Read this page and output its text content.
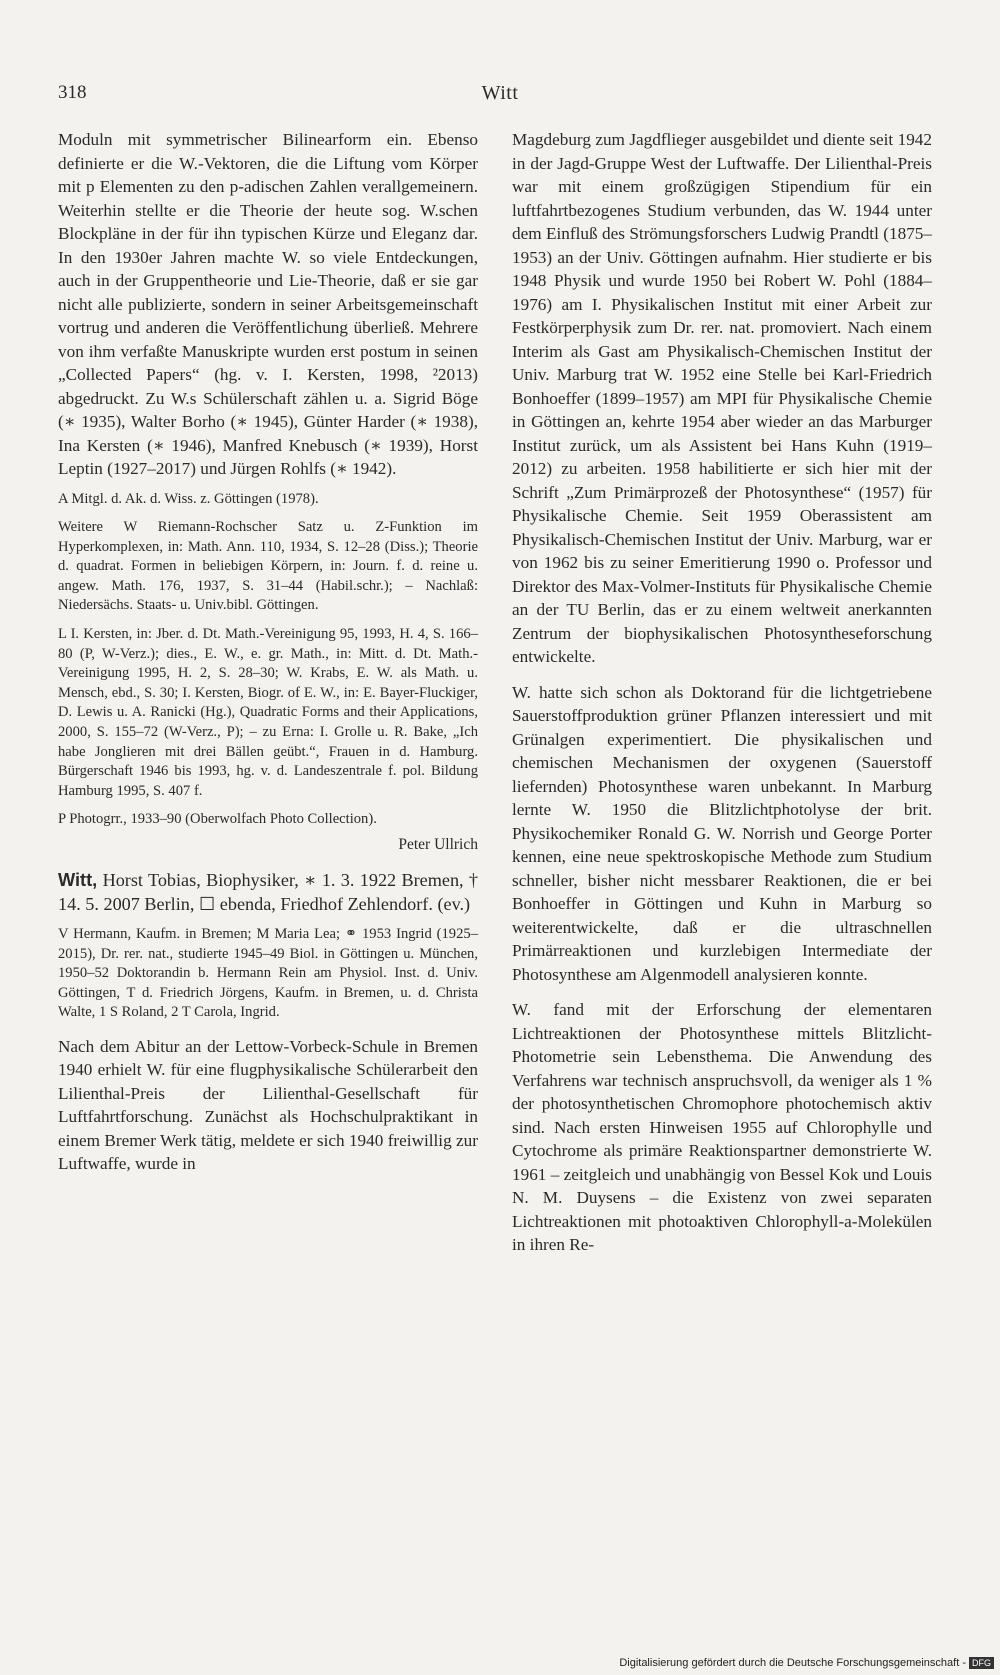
318	Witt

Moduln mit symmetrischer Bilinearform ein. Ebenso definierte er die W.-Vektoren, die die Liftung vom Körper mit p Elementen zu den p-adischen Zahlen verallgemeinern. Weiterhin stellte er die Theorie der heute sog. W.schen Blockpläne in der für ihn typischen Kürze und Eleganz dar. In den 1930er Jahren machte W. so viele Entdeckungen, auch in der Gruppentheorie und Lie-Theorie, daß er sie gar nicht alle publizierte, sondern in seiner Arbeitsgemeinschaft vortrug und anderen die Veröffentlichung überließ. Mehrere von ihm verfaßte Manuskripte wurden erst postum in seinen „Collected Papers“ (hg. v. I. Kersten, 1998, ²2013) abgedruckt. Zu W.s Schülerschaft zählen u. a. Sigrid Böge (∗ 1935), Walter Borho (∗ 1945), Günter Harder (∗ 1938), Ina Kersten (∗ 1946), Manfred Knebusch (∗ 1939), Horst Leptin (1927–2017) und Jürgen Rohlfs (∗ 1942).

A Mitgl. d. Ak. d. Wiss. z. Göttingen (1978).

Weitere W Riemann-Rochscher Satz u. Z-Funktion im Hyperkomplexen, in: Math. Ann. 110, 1934, S. 12–28 (Diss.); Theorie d. quadrat. Formen in beliebigen Körpern, in: Journ. f. d. reine u. angew. Math. 176, 1937, S. 31–44 (Habil.schr.); – Nachlaß: Niedersächs. Staats- u. Univ.bibl. Göttingen.

L I. Kersten, in: Jber. d. Dt. Math.-Vereinigung 95, 1993, H. 4, S. 166–80 (P, W-Verz.); dies., E. W., e. gr. Math., in: Mitt. d. Dt. Math.-Vereinigung 1995, H. 2, S. 28–30; W. Krabs, E. W. als Math. u. Mensch, ebd., S. 30; I. Kersten, Biogr. of E. W., in: E. Bayer-Fluckiger, D. Lewis u. A. Ranicki (Hg.), Quadratic Forms and their Applications, 2000, S. 155–72 (W-Verz., P); – zu Erna: I. Grolle u. R. Bake, „Ich habe Jonglieren mit drei Bällen geübt.“, Frauen in d. Hamburg. Bürgerschaft 1946 bis 1993, hg. v. d. Landeszentrale f. pol. Bildung Hamburg 1995, S. 407 f.

P Photogrr., 1933–90 (Oberwolfach Photo Collection).

Peter Ullrich

Witt, Horst Tobias, Biophysiker, ∗ 1. 3. 1922 Bremen, † 14. 5. 2007 Berlin, ☐ ebenda, Friedhof Zehlendorf. (ev.)

V Hermann, Kaufm. in Bremen; M Maria Lea; ⚭ 1953 Ingrid (1925–2015), Dr. rer. nat., studierte 1945–49 Biol. in Göttingen u. München, 1950–52 Doktorandin b. Hermann Rein am Physiol. Inst. d. Univ. Göttingen, T d. Friedrich Jörgens, Kaufm. in Bremen, u. d. Christa Walte, 1 S Roland, 2 T Carola, Ingrid.

Nach dem Abitur an der Lettow-Vorbeck-Schule in Bremen 1940 erhielt W. für eine flugphysikalische Schülerarbeit den Lilienthal-Preis der Lilienthal-Gesellschaft für Luftfahrtforschung. Zunächst als Hochschulpraktikant in einem Bremer Werk tätig, meldete er sich 1940 freiwillig zur Luftwaffe, wurde in

Magdeburg zum Jagdflieger ausgebildet und diente seit 1942 in der Jagd-Gruppe West der Luftwaffe. Der Lilienthal-Preis war mit einem großzügigen Stipendium für ein luftfahrtbezogenes Studium verbunden, das W. 1944 unter dem Einfluß des Strömungsforschers Ludwig Prandtl (1875–1953) an der Univ. Göttingen aufnahm. Hier studierte er bis 1948 Physik und wurde 1950 bei Robert W. Pohl (1884–1976) am I. Physikalischen Institut mit einer Arbeit zur Festkörperphysik zum Dr. rer. nat. promoviert. Nach einem Interim als Gast am Physikalisch-Chemischen Institut der Univ. Marburg trat W. 1952 eine Stelle bei Karl-Friedrich Bonhoeffer (1899–1957) am MPI für Physikalische Chemie in Göttingen an, kehrte 1954 aber wieder an das Marburger Institut zurück, um als Assistent bei Hans Kuhn (1919–2012) zu arbeiten. 1958 habilitierte er sich hier mit der Schrift „Zum Primärprozeß der Photosynthese“ (1957) für Physikalische Chemie. Seit 1959 Oberassistent am Physikalisch-Chemischen Institut der Univ. Marburg, war er von 1962 bis zu seiner Emeritierung 1990 o. Professor und Direktor des Max-Volmer-Instituts für Physikalische Chemie an der TU Berlin, das er zu einem weltweit anerkannten Zentrum der biophysikalischen Photosyntheseforschung entwickelte.

W. hatte sich schon als Doktorand für die lichtgetriebene Sauerstoffproduktion grüner Pflanzen interessiert und mit Grünalgen experimentiert. Die physikalischen und chemischen Mechanismen der oxygenen (Sauerstoff liefernden) Photosynthese waren unbekannt. In Marburg lernte W. 1950 die Blitzlichtphotolyse der brit. Physikochemiker Ronald G. W. Norrish und George Porter kennen, eine neue spektroskopische Methode zum Studium schneller, bisher nicht messbarer Reaktionen, die er bei Bonhoeffer in Göttingen und Kuhn in Marburg so weiterentwickelte, daß er die ultraschnellen Primärreaktionen und kurzlebigen Intermediate der Photosynthese am Algenmodell analysieren konnte.

W. fand mit der Erforschung der elementaren Lichtreaktionen der Photosynthese mittels Blitzlicht-Photometrie sein Lebensthema. Die Anwendung des Verfahrens war technisch anspruchsvoll, da weniger als 1 % der photosynthetischen Chromophore photochemisch aktiv sind. Nach ersten Hinweisen 1955 auf Chlorophylle und Cytochrome als primäre Reaktionspartner demonstrierte W. 1961 – zeitgleich und unabhängig von Bessel Kok und Louis N. M. Duysens – die Existenz von zwei separaten Lichtreaktionen mit photoaktiven Chlorophyll-a-Molekülen in ihren Re-

Digitalisierung gefördert durch die Deutsche Forschungsgemeinschaft - DFG
